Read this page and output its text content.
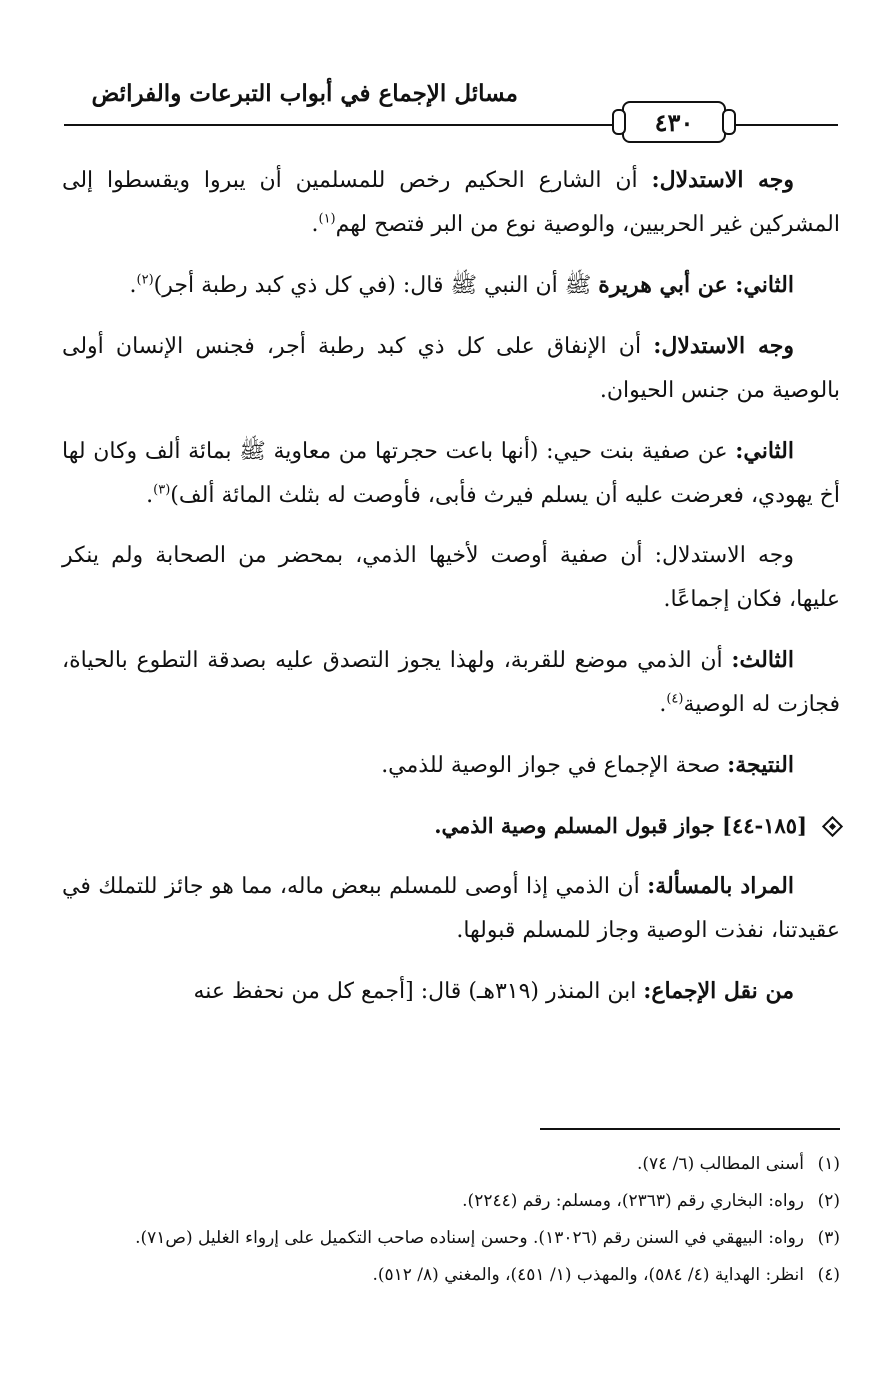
مسائل الإجماع في أبواب التبرعات والفرائض
٤٣٠

وجه الاستدلال: أن الشارع الحكيم رخص للمسلمين أن يبروا ويقسطوا إلى المشركين غير الحربيين، والوصية نوع من البر فتصح لهم$^{(١)}$.

الثاني: عن أبي هريرة ﷺ أن النبي ﷺ قال: (في كل ذي كبد رطبة أجر)$^{(٢)}$.

وجه الاستدلال: أن الإنفاق على كل ذي كبد رطبة أجر، فجنس الإنسان أولى بالوصية من جنس الحيوان.

الثاني: عن صفية بنت حيي: (أنها باعت حجرتها من معاوية ﷺ بمائة ألف وكان لها أخ يهودي، فعرضت عليه أن يسلم فيرث فأبى، فأوصت له بثلث المائة ألف)$^{(٣)}$.

وجه الاستدلال: أن صفية أوصت لأخيها الذمي، بمحضر من الصحابة ولم ينكر عليها، فكان إجماعًا.

الثالث: أن الذمي موضع للقربة، ولهذا يجوز التصدق عليه بصدقة التطوع بالحياة، فجازت له الوصية$^{(٤)}$.

النتيجة: صحة الإجماع في جواز الوصية للذمي.

[١٨٥-٤٤] جواز قبول المسلم وصية الذمي.

المراد بالمسألة: أن الذمي إذا أوصى للمسلم ببعض ماله، مما هو جائز للتملك في عقيدتنا، نفذت الوصية وجاز للمسلم قبولها.

من نقل الإجماع: ابن المنذر (٣١٩هـ) قال: [أجمع كل من نحفظ عنه

(١)أسنى المطالب (٦/ ٧٤).

(٢)رواه: البخاري رقم (٢٣٦٣)، ومسلم: رقم (٢٢٤٤).

(٣)رواه: البيهقي في السنن رقم (١٣٠٢٦). وحسن إسناده صاحب التكميل على إرواء الغليل (ص٧١).

(٤)انظر: الهداية (٤/ ٥٨٤)، والمهذب (١/ ٤٥١)، والمغني (٨/ ٥١٢).
